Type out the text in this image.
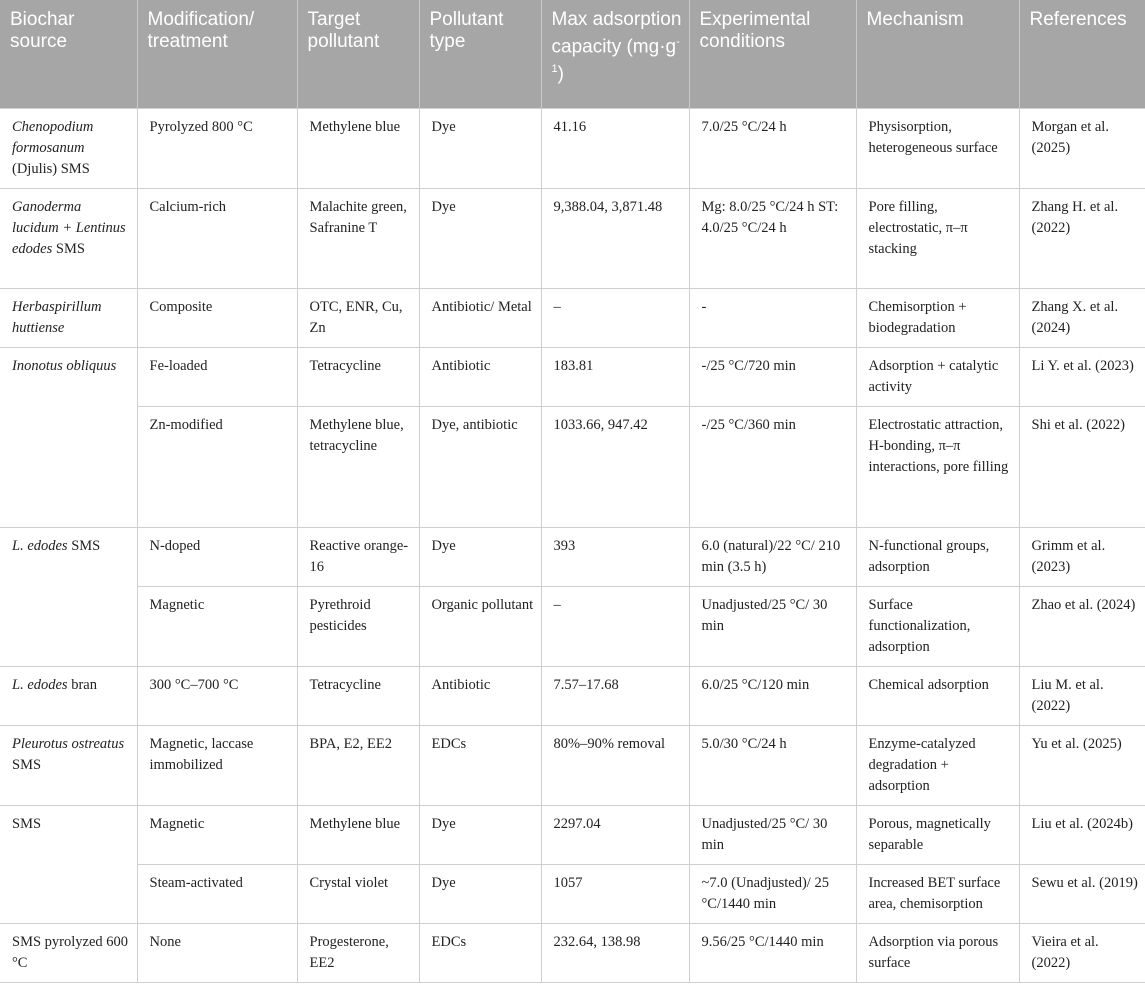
Biochar source	Modification/ treatment	Target pollutant	Pollutant type	Max adsorption capacity $(mg\cdot g^{-1})$	Experimental conditions	Mechanism	References
Chenopodium formosanum (Djulis) SMS	Pyrolyzed 800 °C	Methylene blue	Dye	41.16	7.0/25 °C/24 h	Physisorption, heterogeneous surface	Morgan et al. (2025)
Ganoderma lucidum + Lentinus edodes SMS	Calcium-rich	Malachite green, Safranine T	Dye	9,388.04, 3,871.48	Mg: 8.0/25 °C/24 h ST: 4.0/25 °C/24 h	Pore filling, electrostatic, π–π stacking	Zhang H. et al. (2022)
Herbaspirillum huttiense	Composite	OTC, ENR, Cu, Zn	Antibiotic/ Metal	–	-	Chemisorption + biodegradation	Zhang X. et al. (2024)
Inonotus obliquus	Fe-loaded	Tetracycline	Antibiotic	183.81	-/25 °C/720 min	Adsorption + catalytic activity	Li Y. et al. (2023)
	Zn-modified	Methylene blue, tetracycline	Dye, antibiotic	1033.66, 947.42	-/25 °C/360 min	Electrostatic attraction, H-bonding, π–π interactions, pore filling	Shi et al. (2022)
L. edodes SMS	N-doped	Reactive orange-16	Dye	393	6.0 (natural)/22 °C/ 210 min (3.5 h)	N-functional groups, adsorption	Grimm et al. (2023)
	Magnetic	Pyrethroid pesticides	Organic pollutant	–	Unadjusted/25 °C/ 30 min	Surface functionalization, adsorption	Zhao et al. (2024)
L. edodes bran	300 °C–700 °C	Tetracycline	Antibiotic	7.57–17.68	6.0/25 °C/120 min	Chemical adsorption	Liu M. et al. (2022)
Pleurotus ostreatus SMS	Magnetic, laccase immobilized	BPA, E2, EE2	EDCs	80%–90% removal	5.0/30 °C/24 h	Enzyme-catalyzed degradation + adsorption	Yu et al. (2025)
SMS	Magnetic	Methylene blue	Dye	2297.04	Unadjusted/25 °C/ 30 min	Porous, magnetically separable	Liu et al. (2024b)
	Steam-activated	Crystal violet	Dye	1057	~7.0 (Unadjusted)/ 25 °C/1440 min	Increased BET surface area, chemisorption	Sewu et al. (2019)
SMS pyrolyzed 600 °C	None	Progesterone, EE2	EDCs	232.64, 138.98	9.56/25 °C/1440 min	Adsorption via porous surface	Vieira et al. (2022)
